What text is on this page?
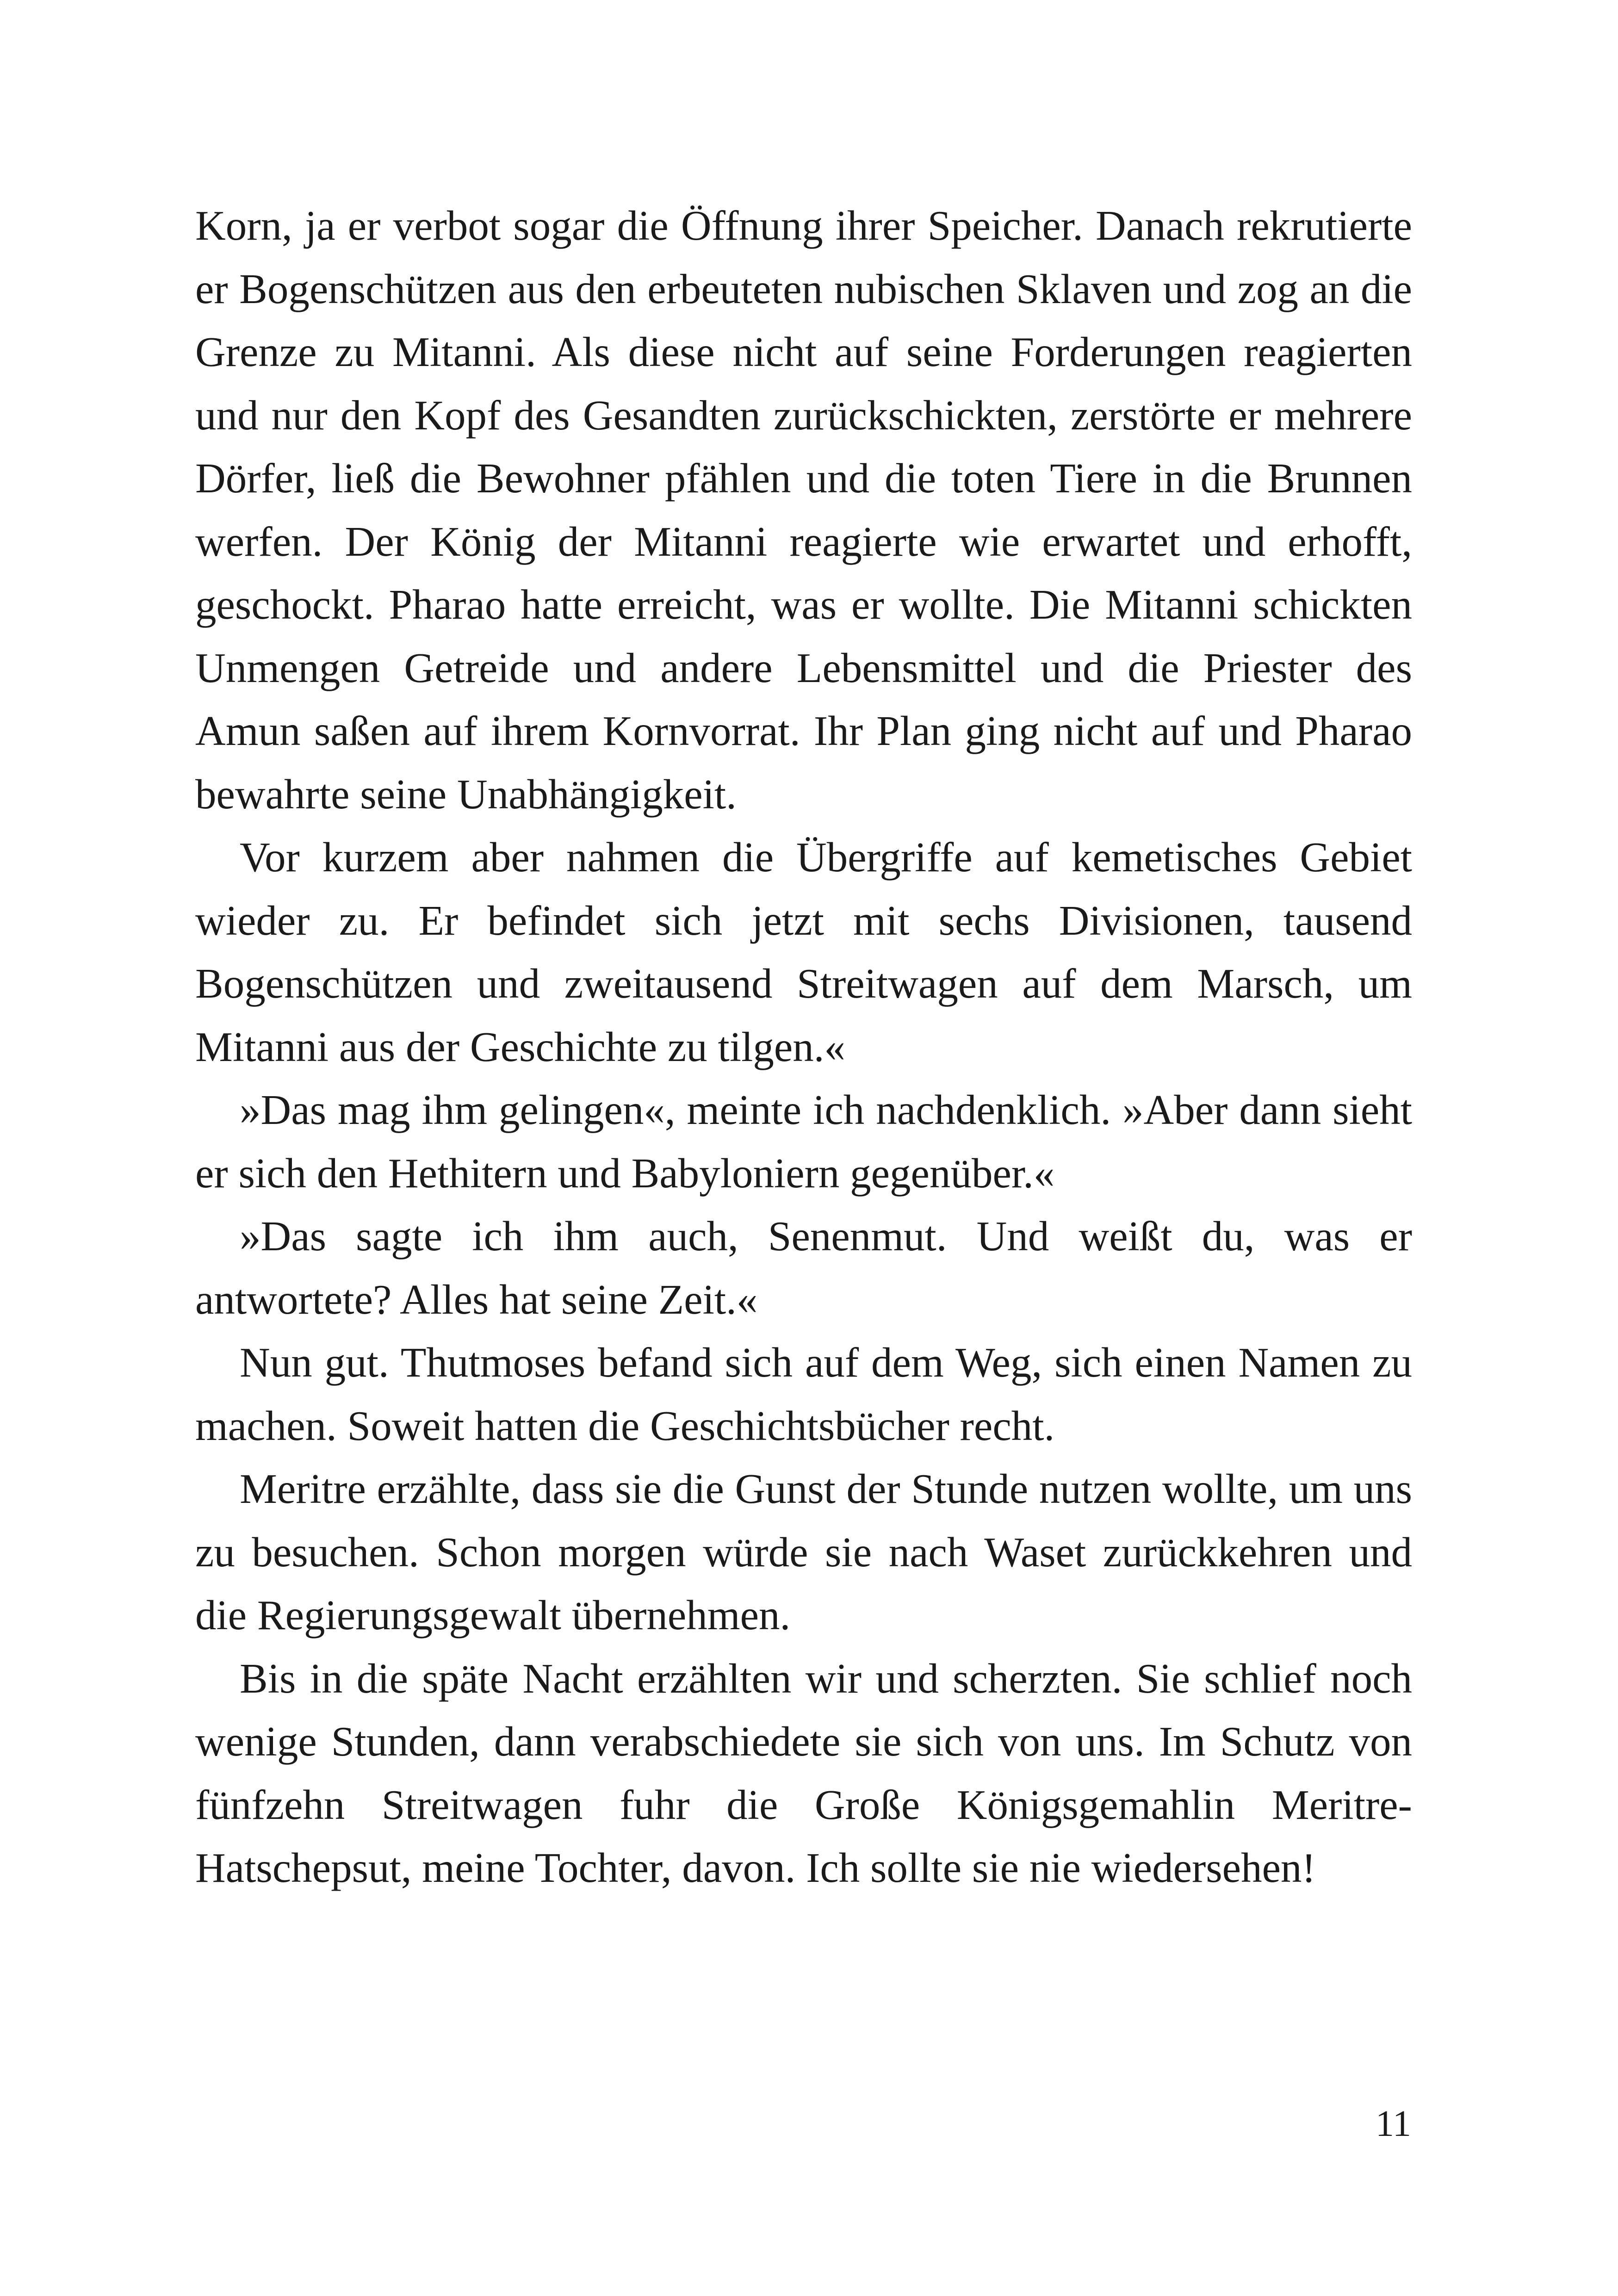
Korn, ja er verbot sogar die Öffnung ihrer Speicher. Danach rekrutierte er Bogenschützen aus den erbeuteten nubischen Sklaven und zog an die Grenze zu Mitanni. Als diese nicht auf seine Forderungen reagierten und nur den Kopf des Gesandten zurückschickten, zerstörte er mehrere Dörfer, ließ die Bewohner pfählen und die toten Tiere in die Brunnen werfen. Der König der Mitanni reagierte wie erwartet und erhofft, geschockt. Pharao hatte erreicht, was er wollte. Die Mitanni schickten Unmengen Getreide und andere Lebensmittel und die Priester des Amun saßen auf ihrem Kornvorrat. Ihr Plan ging nicht auf und Pharao bewahrte seine Unabhängigkeit.

Vor kurzem aber nahmen die Übergriffe auf kemetisches Gebiet wieder zu. Er befindet sich jetzt mit sechs Divisionen, tausend Bogenschützen und zweitausend Streitwagen auf dem Marsch, um Mitanni aus der Geschichte zu tilgen.«

»Das mag ihm gelingen«, meinte ich nachdenklich. »Aber dann sieht er sich den Hethitern und Babyloniern gegenüber.«

»Das sagte ich ihm auch, Senenmut. Und weißt du, was er antwortete? Alles hat seine Zeit.«

Nun gut. Thutmoses befand sich auf dem Weg, sich einen Namen zu machen. Soweit hatten die Geschichtsbücher recht.

Meritre erzählte, dass sie die Gunst der Stunde nutzen wollte, um uns zu besuchen. Schon morgen würde sie nach Waset zurückkehren und die Regierungsgewalt übernehmen.

Bis in die späte Nacht erzählten wir und scherzten. Sie schlief noch wenige Stunden, dann verabschiedete sie sich von uns. Im Schutz von fünfzehn Streitwagen fuhr die Große Königsgemahlin Meritre- Hatschepsut, meine Tochter, davon. Ich sollte sie nie wiedersehen!

11
